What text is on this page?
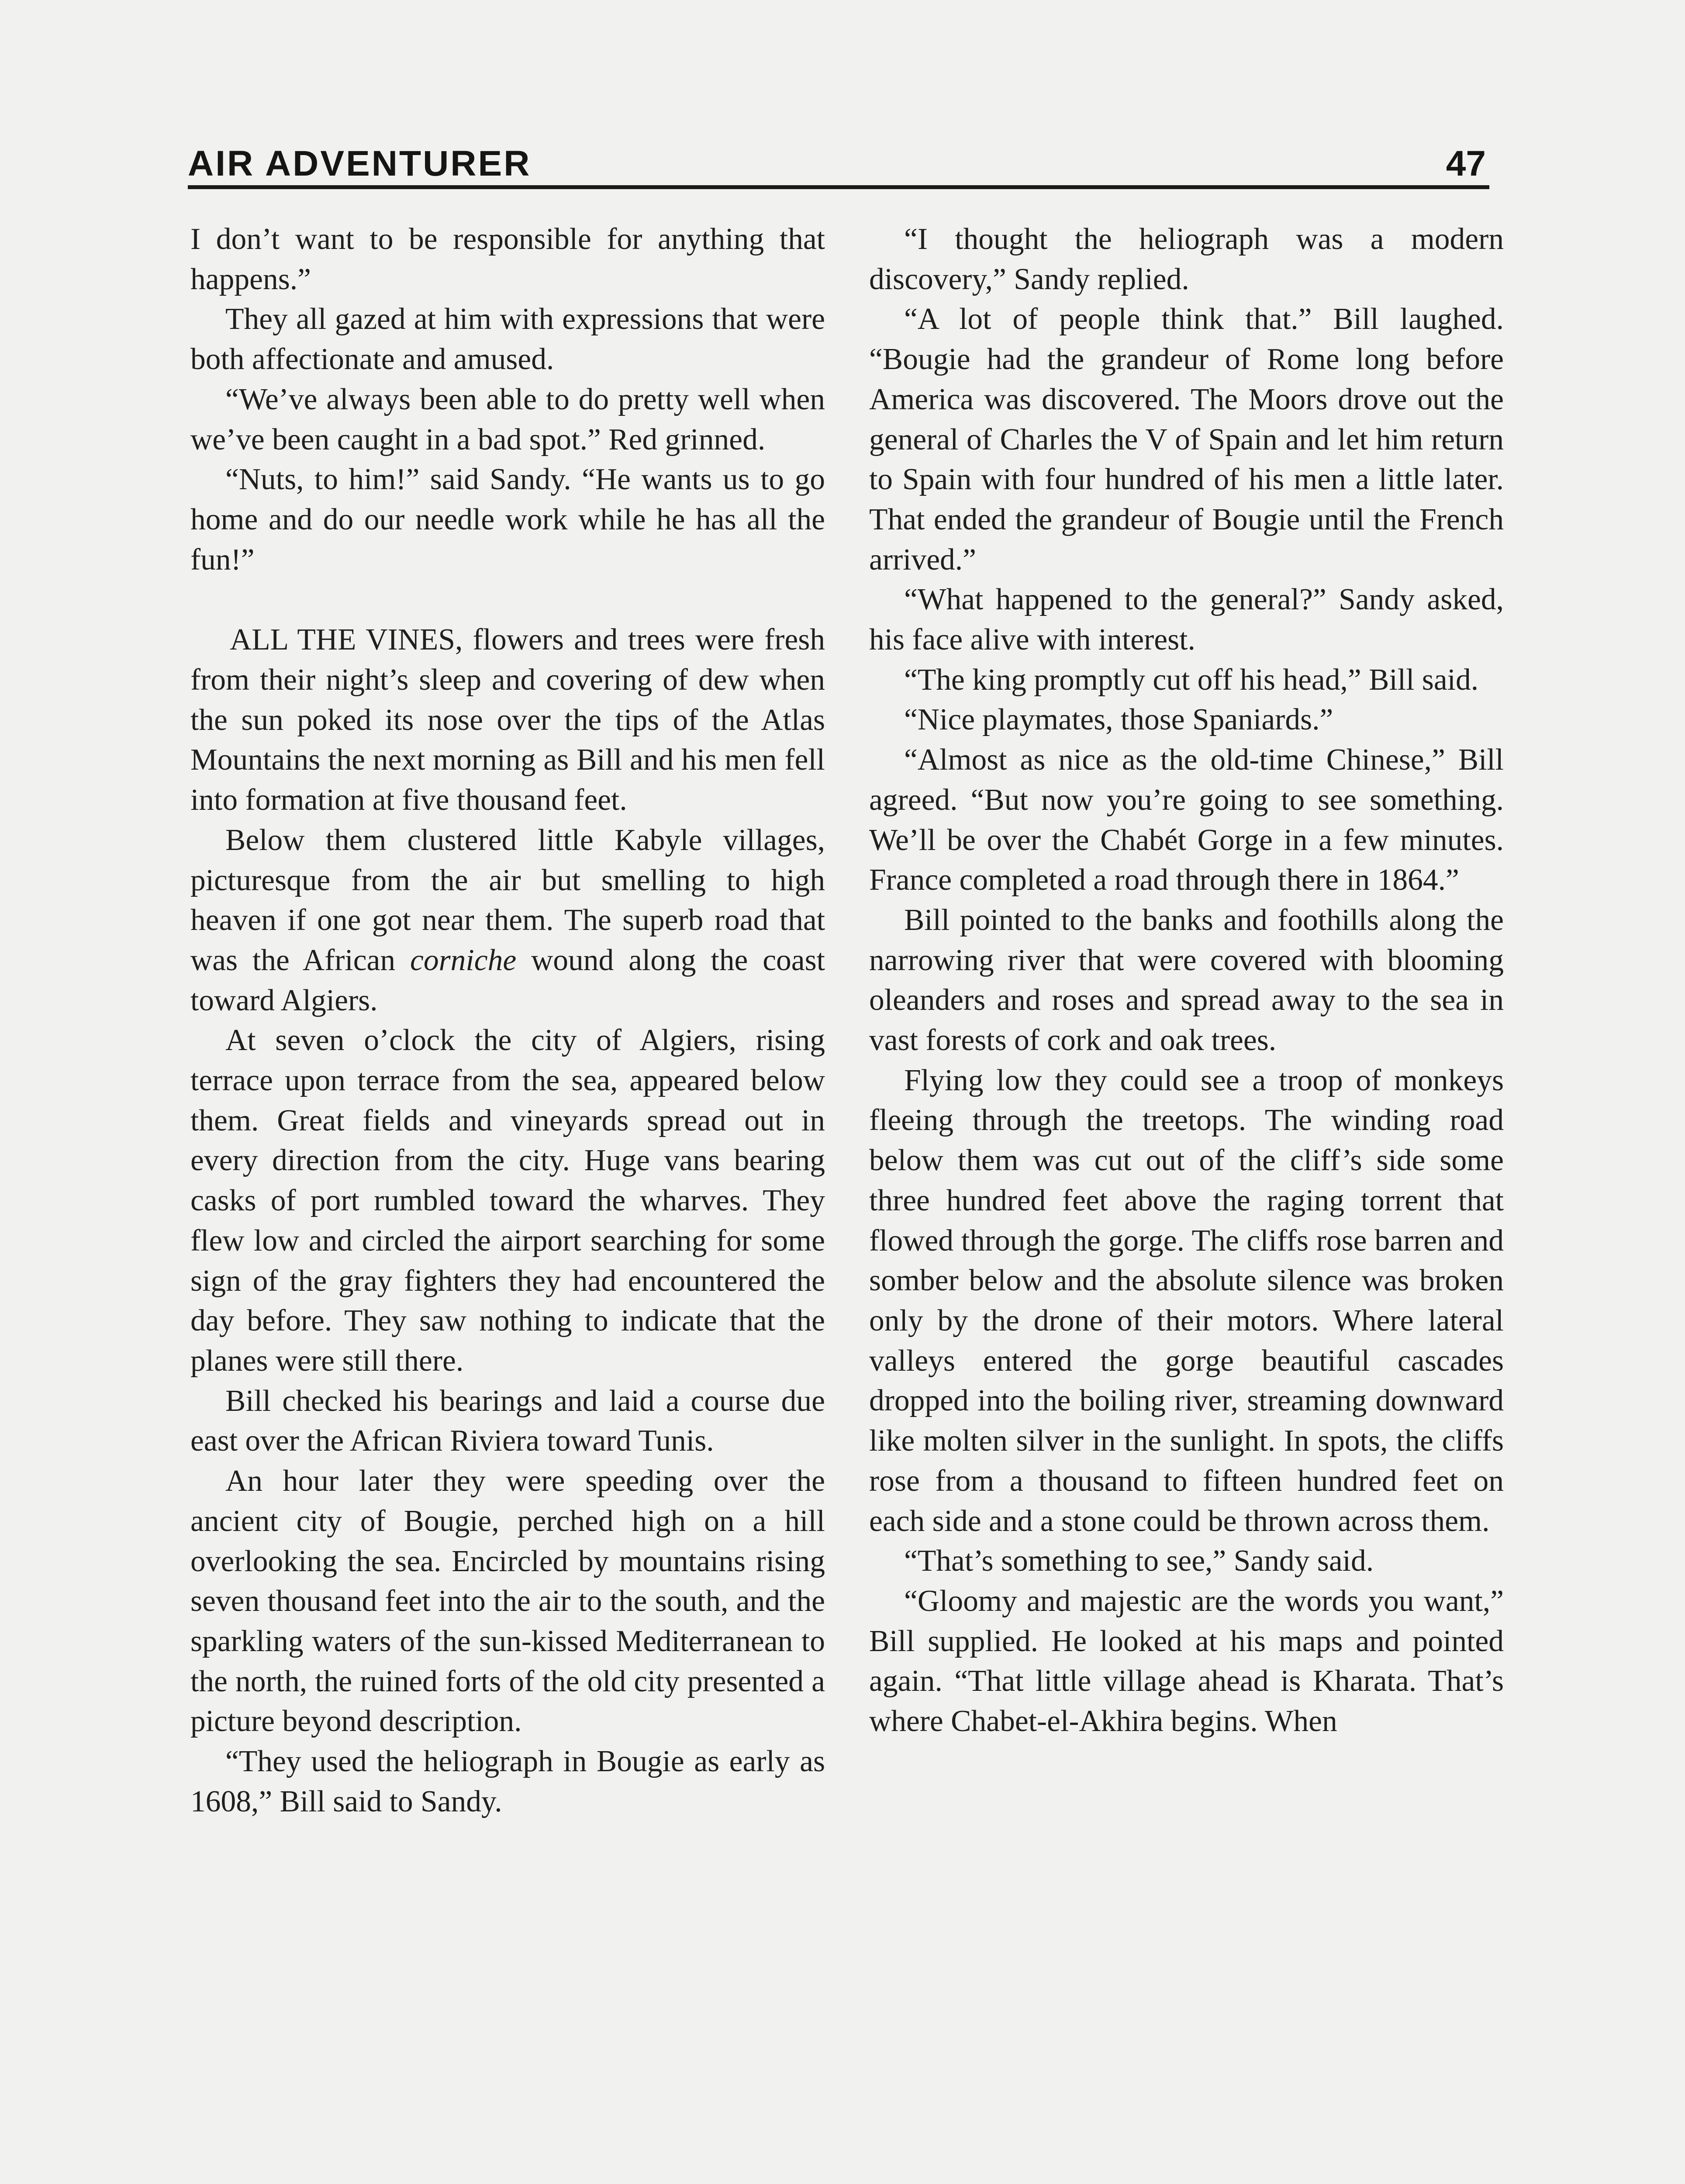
AIR ADVENTURER	47

I don’t want to be responsible for anything that happens.”

They all gazed at him with expressions that were both affectionate and amused.

“We’ve always been able to do pretty well when we’ve been caught in a bad spot.” Red grinned.

“Nuts, to him!” said Sandy. “He wants us to go home and do our needle work while he has all the fun!”

ALL THE VINES, flowers and trees were fresh from their night’s sleep and covering of dew when the sun poked its nose over the tips of the Atlas Mountains the next morning as Bill and his men fell into formation at five thousand feet.

Below them clustered little Kabyle villages, picturesque from the air but smelling to high heaven if one got near them. The superb road that was the African corniche wound along the coast toward Algiers.

At seven o’clock the city of Algiers, rising terrace upon terrace from the sea, appeared below them. Great fields and vineyards spread out in every direction from the city. Huge vans bearing casks of port rumbled toward the wharves. They flew low and circled the airport searching for some sign of the gray fighters they had encountered the day before. They saw nothing to indicate that the planes were still there.

Bill checked his bearings and laid a course due east over the African Riviera toward Tunis.

An hour later they were speeding over the ancient city of Bougie, perched high on a hill overlooking the sea. Encircled by mountains rising seven thousand feet into the air to the south, and the sparkling waters of the sun-kissed Mediterranean to the north, the ruined forts of the old city presented a picture beyond description.

“They used the heliograph in Bougie as early as 1608,” Bill said to Sandy.

“I thought the heliograph was a modern discovery,” Sandy replied.

“A lot of people think that.” Bill laughed. “Bougie had the grandeur of Rome long before America was discovered. The Moors drove out the general of Charles the V of Spain and let him return to Spain with four hundred of his men a little later. That ended the grandeur of Bougie until the French arrived.”

“What happened to the general?” Sandy asked, his face alive with interest.

“The king promptly cut off his head,” Bill said.

“Nice playmates, those Spaniards.”

“Almost as nice as the old-time Chinese,” Bill agreed. “But now you’re going to see something. We’ll be over the Chabét Gorge in a few minutes. France completed a road through there in 1864.”

Bill pointed to the banks and foothills along the narrowing river that were covered with blooming oleanders and roses and spread away to the sea in vast forests of cork and oak trees.

Flying low they could see a troop of monkeys fleeing through the treetops. The winding road below them was cut out of the cliff’s side some three hundred feet above the raging torrent that flowed through the gorge. The cliffs rose barren and somber below and the absolute silence was broken only by the drone of their motors. Where lateral valleys entered the gorge beautiful cascades dropped into the boiling river, streaming downward like molten silver in the sunlight. In spots, the cliffs rose from a thousand to fifteen hundred feet on each side and a stone could be thrown across them.

“That’s something to see,” Sandy said.

“Gloomy and majestic are the words you want,” Bill supplied. He looked at his maps and pointed again. “That little village ahead is Kharata. That’s where Chabet-el-Akhira begins. When
